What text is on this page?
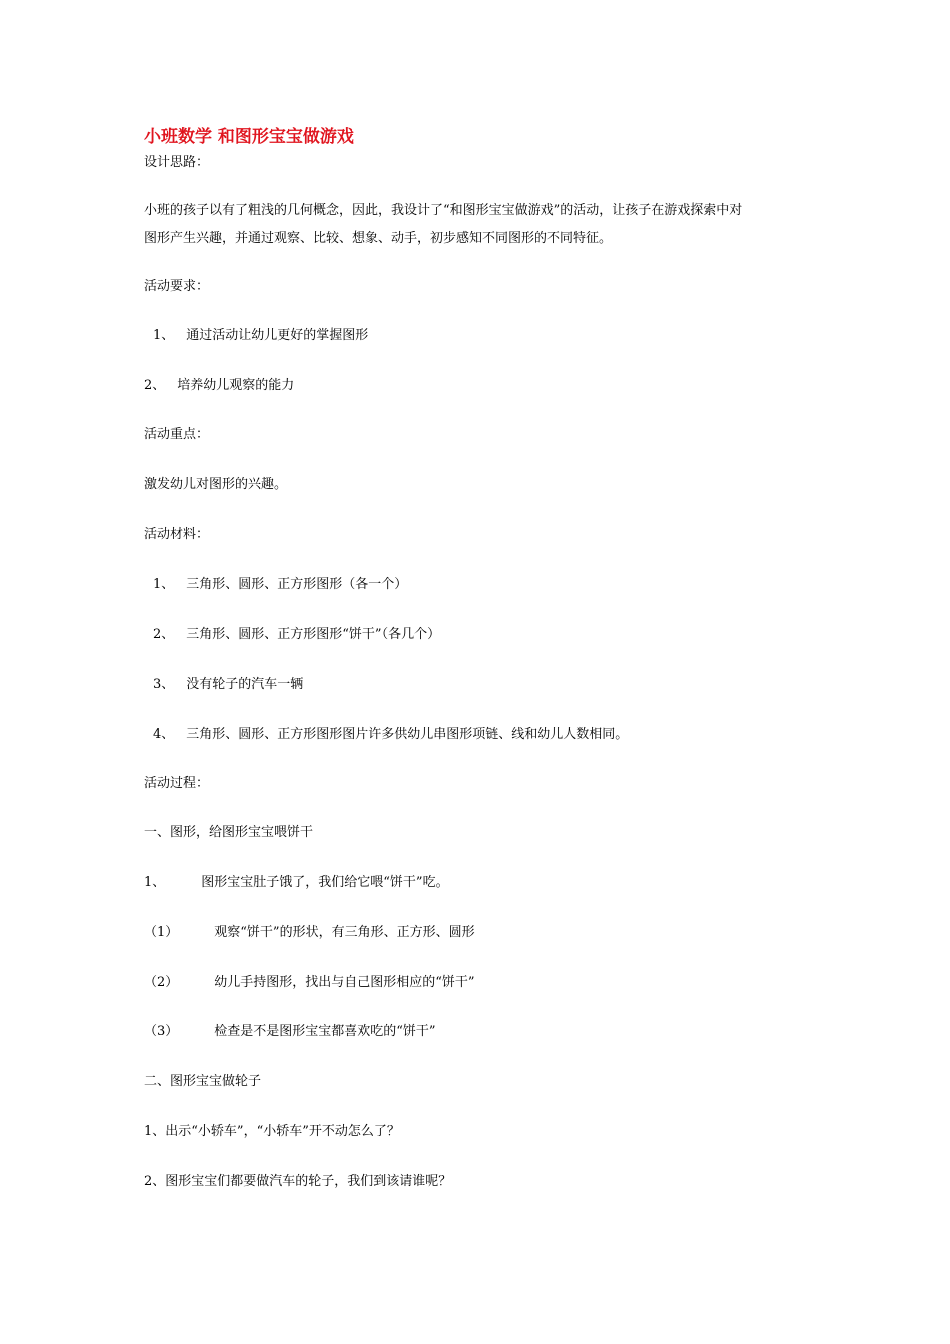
小班数学 和图形宝宝做游戏
设计思路：
小班的孩子以有了粗浅的几何概念，因此，我设计了“和图形宝宝做游戏”的活动，让孩子在游戏探索中对
图形产生兴趣，并通过观察、比较、想象、动手，初步感知不同图形的不同特征。
活动要求：
1、 通过活动让幼儿更好的掌握图形
2、 培养幼儿观察的能力
活动重点：
激发幼儿对图形的兴趣。
活动材料：
1、 三角形、圆形、正方形图形（各一个）
2、 三角形、圆形、正方形图形“饼干”（各几个）
3、 没有轮子的汽车一辆
4、 三角形、圆形、正方形图形图片许多供幼儿串图形项链、线和幼儿人数相同。
活动过程：
一、图形，给图形宝宝喂饼干
1、	图形宝宝肚子饿了，我们给它喂“饼干”吃。
（1）	观察“饼干”的形状，有三角形、正方形、圆形
（2）	幼儿手持图形，找出与自己图形相应的“饼干”
（3）	检查是不是图形宝宝都喜欢吃的“饼干”
二、图形宝宝做轮子
1、出示“小轿车”，“小轿车”开不动怎么了？
2、图形宝宝们都要做汽车的轮子，我们到该请谁呢？
